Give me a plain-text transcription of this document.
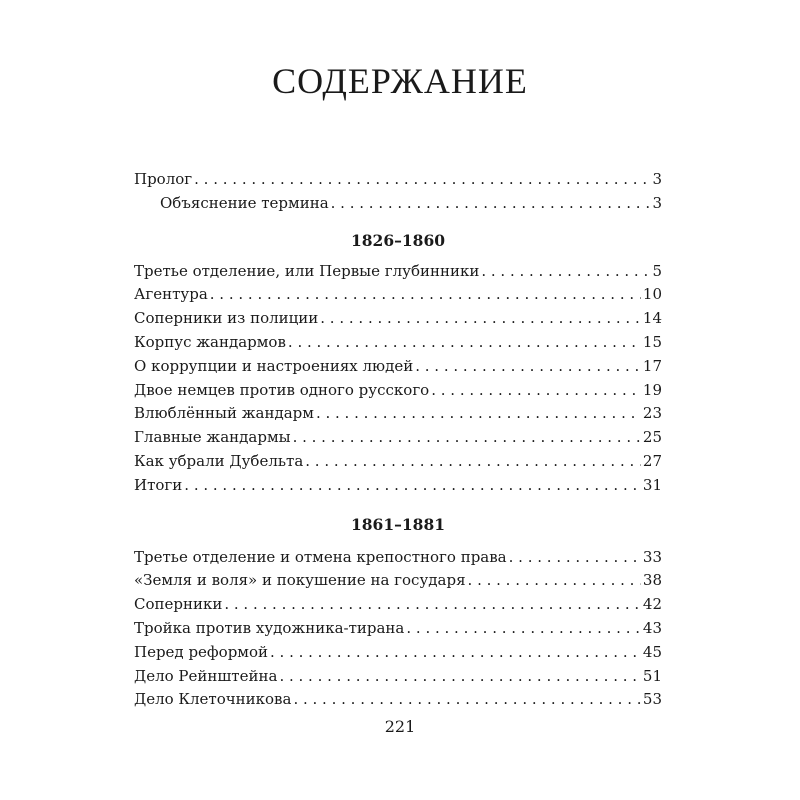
СОДЕРЖАНИЕ
Пролог . . .	3
Объяснение термина . . .	3
1826–1860
Третье отделение, или Первые глубинники . . .	5
Агентура . . .	10
Соперники из полиции . . .	14
Корпус жандармов . . .	15
О коррупции и настроениях людей . . .	17
Двое немцев против одного русского . . .	19
Влюблённый жандарм . . .	23
Главные жандармы . . .	25
Как убрали Дубельта . . .	27
Итоги . . .	31
1861–1881
Третье отделение и отмена крепостного права . . .	33
«Земля и воля» и покушение на государя . . .	38
Соперники . . .	42
Тройка против художника-тирана . . .	43
Перед реформой . . .	45
Дело Рейнштейна . . .	51
Дело Клеточникова . . .	53
221
